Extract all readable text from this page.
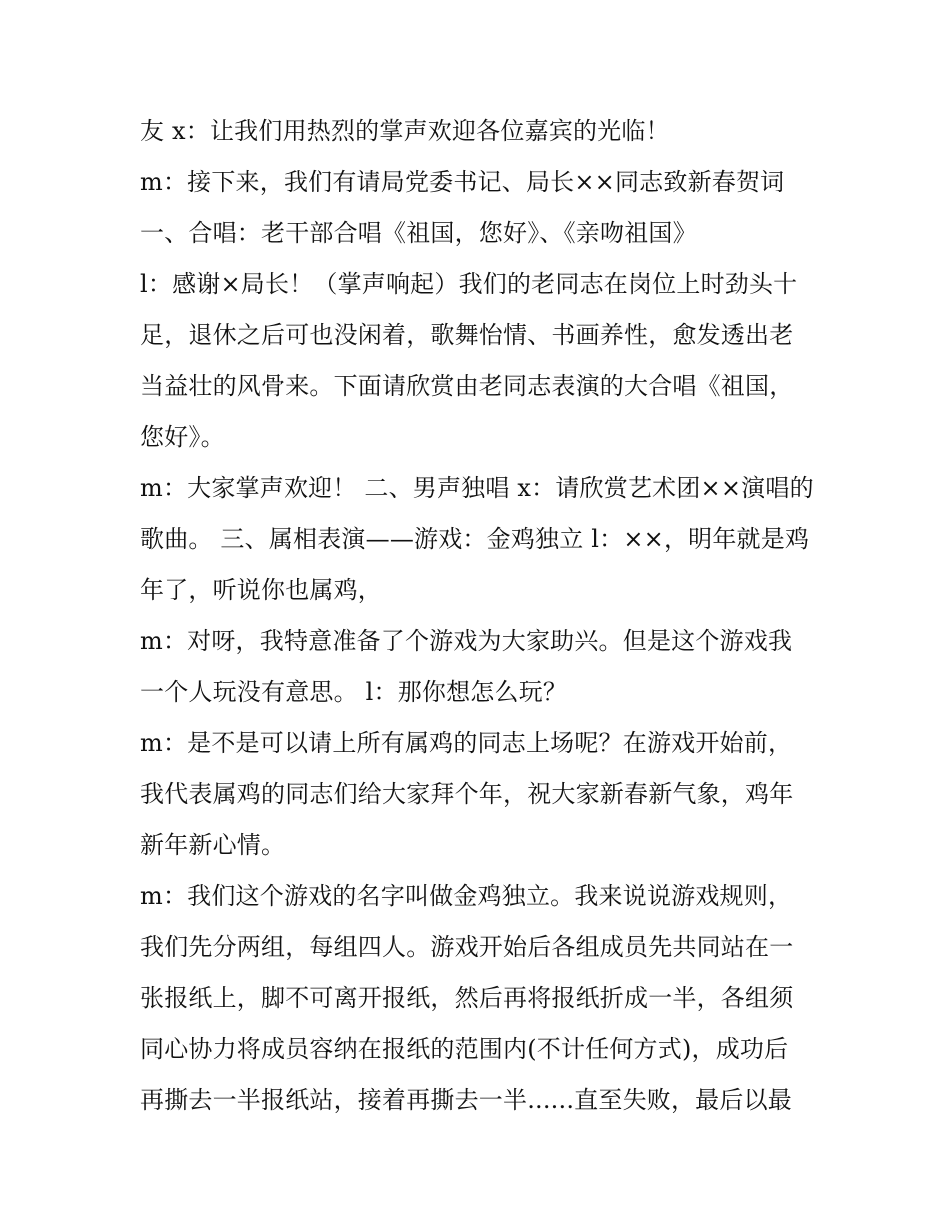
友 x：让我们用热烈的掌声欢迎各位嘉宾的光临！
m：接下来，我们有请局党委书记、局长××同志致新春贺词
一、合唱：老干部合唱《祖国，您好》、《亲吻祖国》
l：感谢×局长！（掌声响起）我们的老同志在岗位上时劲头十
足，退休之后可也没闲着，歌舞怡情、书画养性，愈发透出老
当益壮的风骨来。下面请欣赏由老同志表演的大合唱《祖国，
您好》。
m：大家掌声欢迎！ 二、男声独唱 x：请欣赏艺术团××演唱的
歌曲。 三、属相表演——游戏：金鸡独立 l：××，明年就是鸡
年了，听说你也属鸡，
m：对呀，我特意准备了个游戏为大家助兴。但是这个游戏我
一个人玩没有意思。 l：那你想怎么玩？
m：是不是可以请上所有属鸡的同志上场呢？在游戏开始前，
我代表属鸡的同志们给大家拜个年，祝大家新春新气象，鸡年
新年新心情。
m：我们这个游戏的名字叫做金鸡独立。我来说说游戏规则，
我们先分两组，每组四人。游戏开始后各组成员先共同站在一
张报纸上，脚不可离开报纸，然后再将报纸折成一半，各组须
同心协力将成员容纳在报纸的范围内(不计任何方式)，成功后
再撕去一半报纸站，接着再撕去一半......直至失败，最后以最
